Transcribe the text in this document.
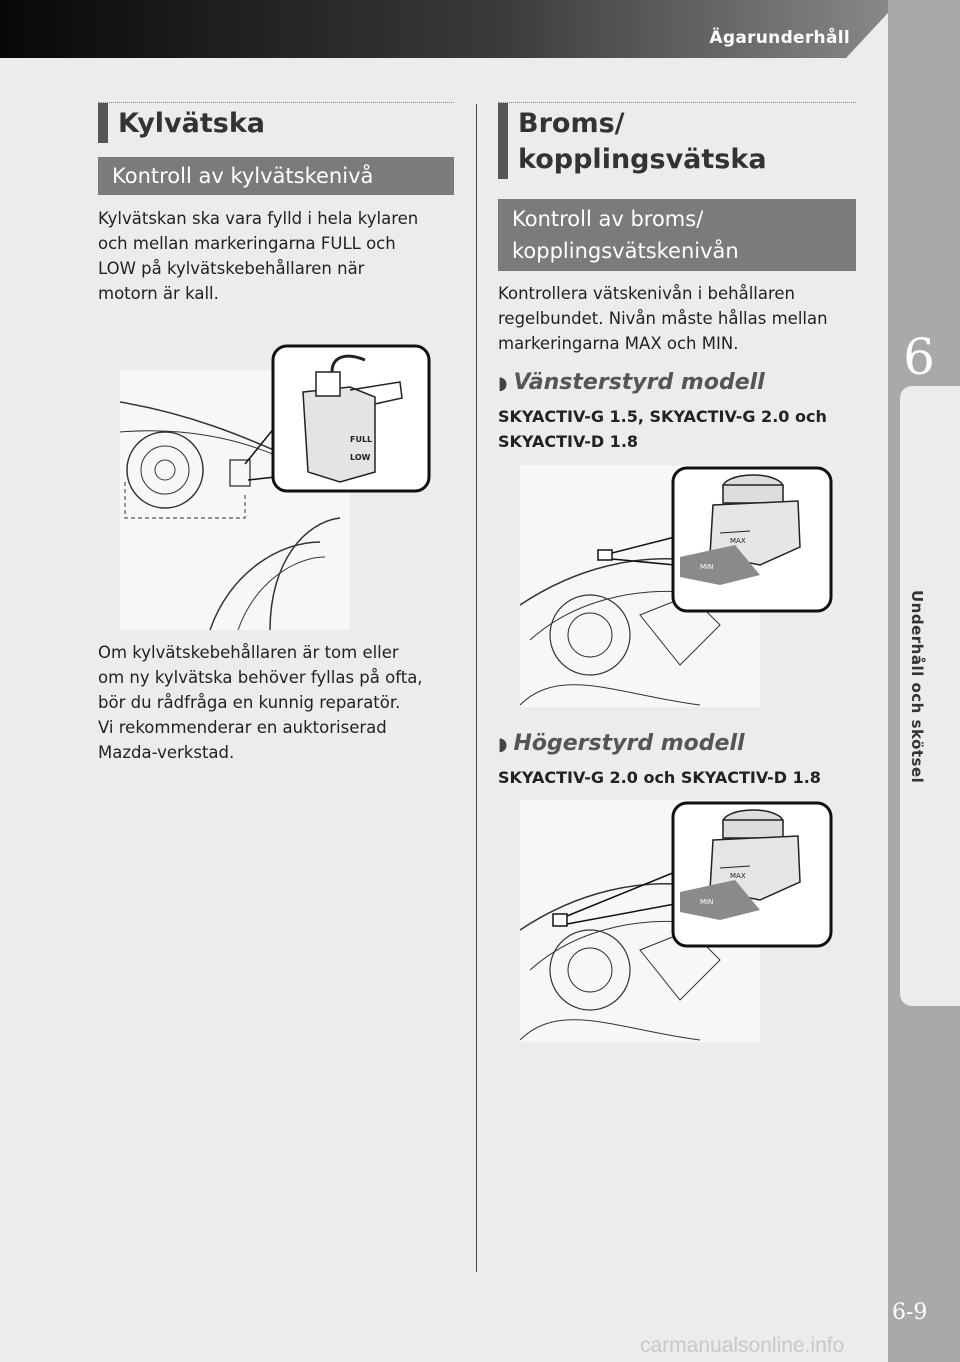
Ägarunderhåll
6
Underhåll och skötsel
6-9
carmanualsonline.info
Kylvätska
Kontroll av kylvätskenivå
Kylvätskan ska vara fylld i hela kylaren
och mellan markeringarna FULL och
LOW på kylvätskebehållaren när
motorn är kall.
FULL
LOW
Om kylvätskebehållaren är tom eller
om ny kylvätska behöver fyllas på ofta,
bör du rådfråga en kunnig reparatör.
Vi rekommenderar en auktoriserad
Mazda-verkstad.
Broms/
kopplingsvätska
Kontroll av broms/
kopplingsvätskenivån
Kontrollera vätskenivån i behållaren
regelbundet. Nivån måste hållas mellan
markeringarna MAX och MIN.
◗ Vänsterstyrd modell
SKYACTIV-G 1.5, SKYACTIV-G 2.0 och
SKYACTIV-D 1.8
MAX
MIN
◗ Högerstyrd modell
SKYACTIV-G 2.0 och SKYACTIV-D 1.8
MAX
MIN
